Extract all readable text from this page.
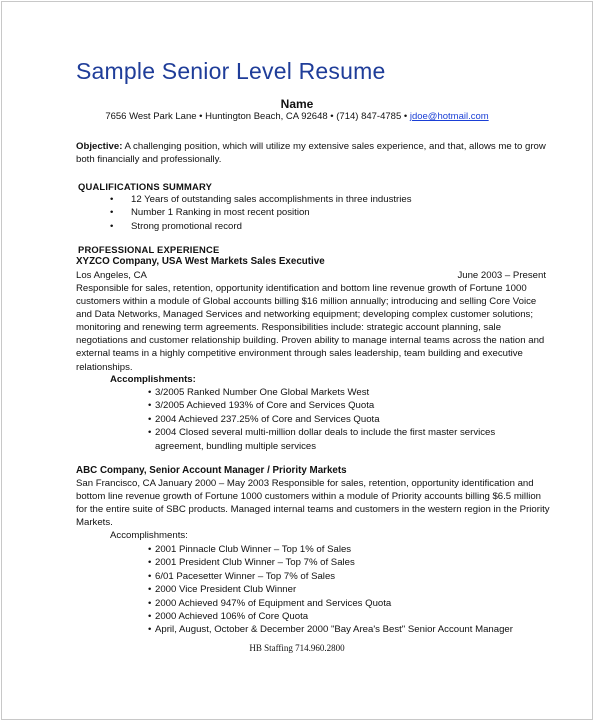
Sample Senior Level Resume
Name
7656 West Park Lane • Huntington Beach, CA 92648 • (714) 847-4785 • jdoe@hotmail.com
Objective: A challenging position, which will utilize my extensive sales experience, and that, allows me to grow both financially and professionally.
QUALIFICATIONS SUMMARY
• 12 Years of outstanding sales accomplishments in three industries
• Number 1 Ranking in most recent position
• Strong promotional record
PROFESSIONAL EXPERIENCE
XYZCO Company, USA West Markets Sales Executive
Los Angeles, CA	June 2003 – Present
Responsible for sales, retention, opportunity identification and bottom line revenue growth of Fortune 1000 customers within a module of Global accounts billing $16 million annually; introducing and selling Core Voice and Data Networks, Managed Services and networking equipment; developing complex customer solutions; monitoring and renewing term agreements. Responsibilities include: strategic account planning, sale negotiations and customer relationship building. Proven ability to manage internal teams across the nation and external teams in a highly competitive environment through sales leadership, team building and executive relationships.
Accomplishments:
• 3/2005 Ranked Number One Global Markets West
• 3/2005 Achieved 193% of Core and Services Quota
• 2004 Achieved 237.25% of Core and Services Quota
• 2004 Closed several multi-million dollar deals to include the first master services
agreement, bundling multiple services
ABC Company, Senior Account Manager / Priority Markets
San Francisco, CA January 2000 – May 2003 Responsible for sales, retention, opportunity identification and bottom line revenue growth of Fortune 1000 customers within a module of Priority accounts billing $6.5 million for the entire suite of SBC products. Managed internal teams and customers in the western region in the Priority Markets.
Accomplishments:
• 2001 Pinnacle Club Winner – Top 1% of Sales
• 2001 President Club Winner – Top 7% of Sales
• 6/01 Pacesetter Winner – Top 7% of Sales
• 2000 Vice President Club Winner
• 2000 Achieved 947% of Equipment and Services Quota
• 2000 Achieved 106% of Core Quota
• April, August, October & December 2000 "Bay Area's Best" Senior Account Manager
HB Staffing 714.960.2800
